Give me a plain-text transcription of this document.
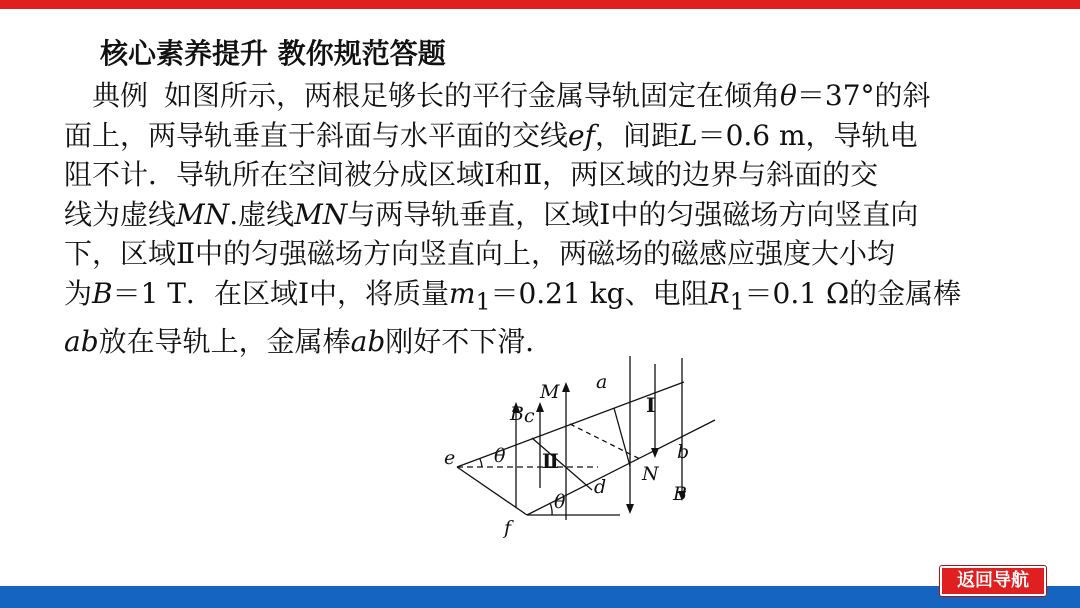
核心素养提升 教你规范答题
典例 如图所示，两根足够长的平行金属导轨固定在倾角θ＝37°的斜
面上，两导轨垂直于斜面与水平面的交线ef，间距L＝0.6 m，导轨电
阻不计．导轨所在空间被分成区域Ⅰ和Ⅱ，两区域的边界与斜面的交
线为虚线MN.虚线MN与两导轨垂直，区域Ⅰ中的匀强磁场方向竖直向
下，区域Ⅱ中的匀强磁场方向竖直向上，两磁场的磁感应强度大小均
为B＝1 T．在区域Ⅰ中，将质量$m_1=0.21$ kg、电阻$R_1=0.1$ Ω的金属棒
ab放在导轨上，金属棒ab刚好不下滑．
e
f
a
b
c
d
M
N
B
B
θ
θ
Ⅰ
Ⅱ
返回导航
